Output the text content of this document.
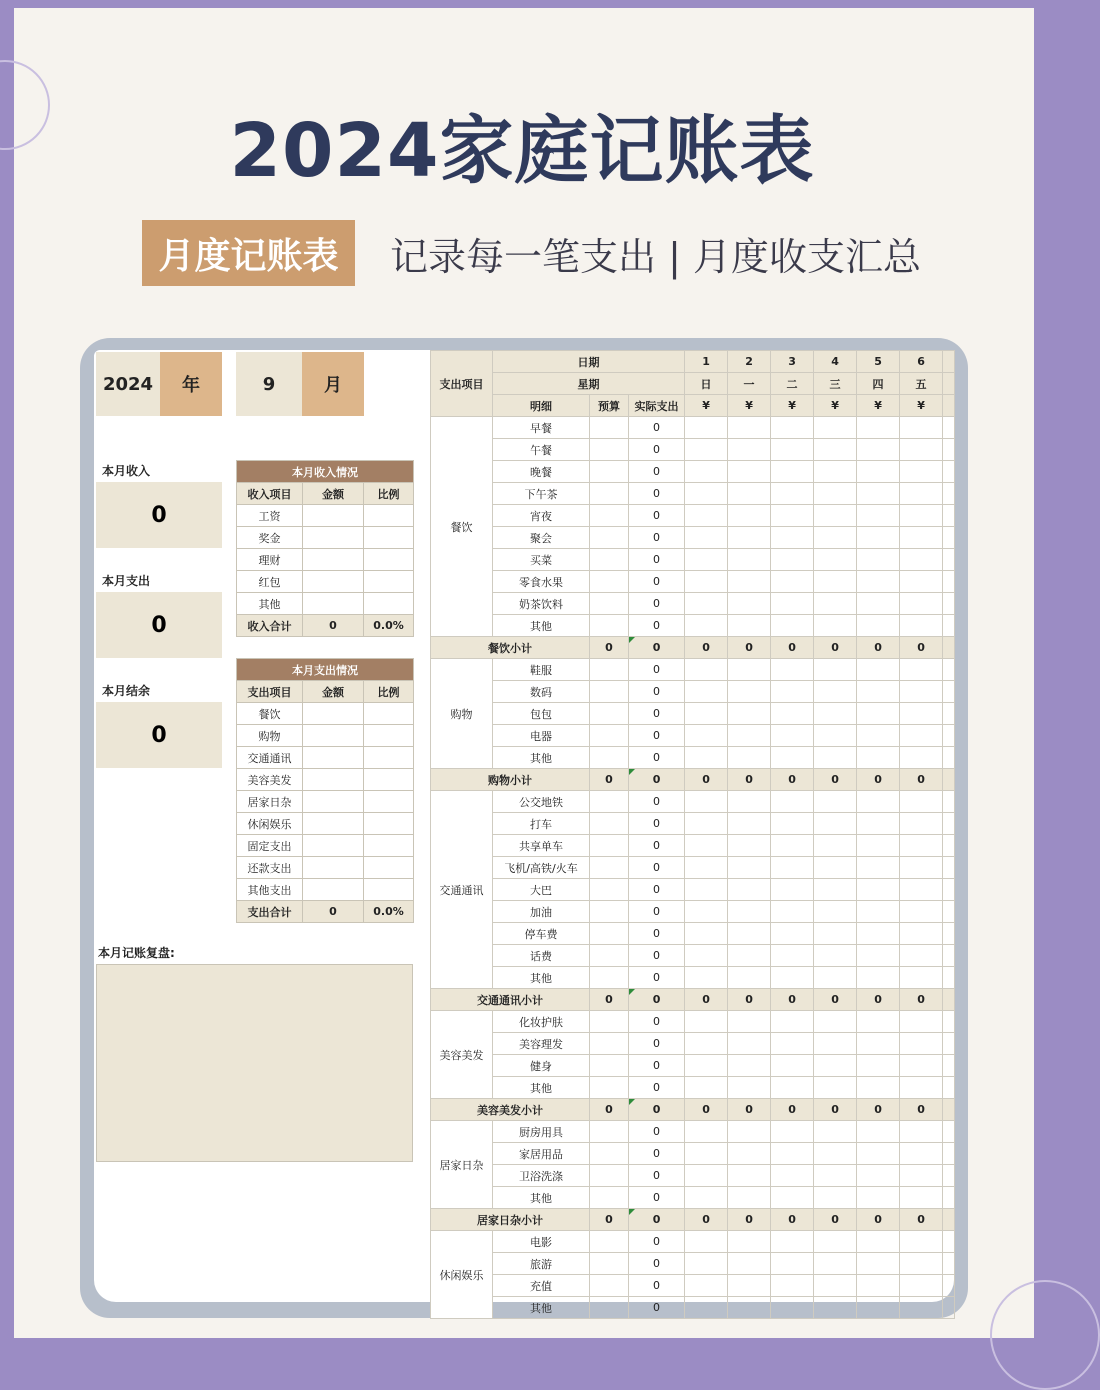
2024家庭记账表
月度记账表	记录每一笔支出 | 月度收支汇总
2024	年	9	月
本月收入
0
本月支出
0
本月结余
0
本月收入情况		
收入项目	金额	比例
工资		
奖金		
理财		
红包		
其他		
收入合计	0	0.0%
本月支出情况		
支出项目	金额	比例
餐饮		
购物		
交通通讯		
美容美发		
居家日杂		
休闲娱乐		
固定支出		
还款支出		
其他支出		
支出合计	0	0.0%
本月记账复盘:
支出项目	日期			1	2	3	4	5	6	
	星期			日	一	二	三	四	五	
	明细	预算	实际支出	¥	¥	¥	¥	¥	¥	
餐饮	早餐		0							
	午餐		0							
	晚餐		0							
	下午茶		0							
	宵夜		0							
	聚会		0							
	买菜		0							
	零食水果		0							
	奶茶饮料		0							
	其他		0							
餐饮小计		0	0	0	0	0	0	0	0	
购物	鞋服		0							
	数码		0							
	包包		0							
	电器		0							
	其他		0							
购物小计		0	0	0	0	0	0	0	0	
交通通讯	公交地铁		0							
	打车		0							
	共享单车		0							
	飞机/高铁/火车		0							
	大巴		0							
	加油		0							
	停车费		0							
	话费		0							
	其他		0							
交通通讯小计		0	0	0	0	0	0	0	0	
美容美发	化妆护肤		0							
	美容理发		0							
	健身		0							
	其他		0							
美容美发小计		0	0	0	0	0	0	0	0	
居家日杂	厨房用具		0							
	家居用品		0							
	卫浴洗涤		0							
	其他		0							
居家日杂小计		0	0	0	0	0	0	0	0	
休闲娱乐	电影		0							
	旅游		0							
	充值		0							
	其他		0							
